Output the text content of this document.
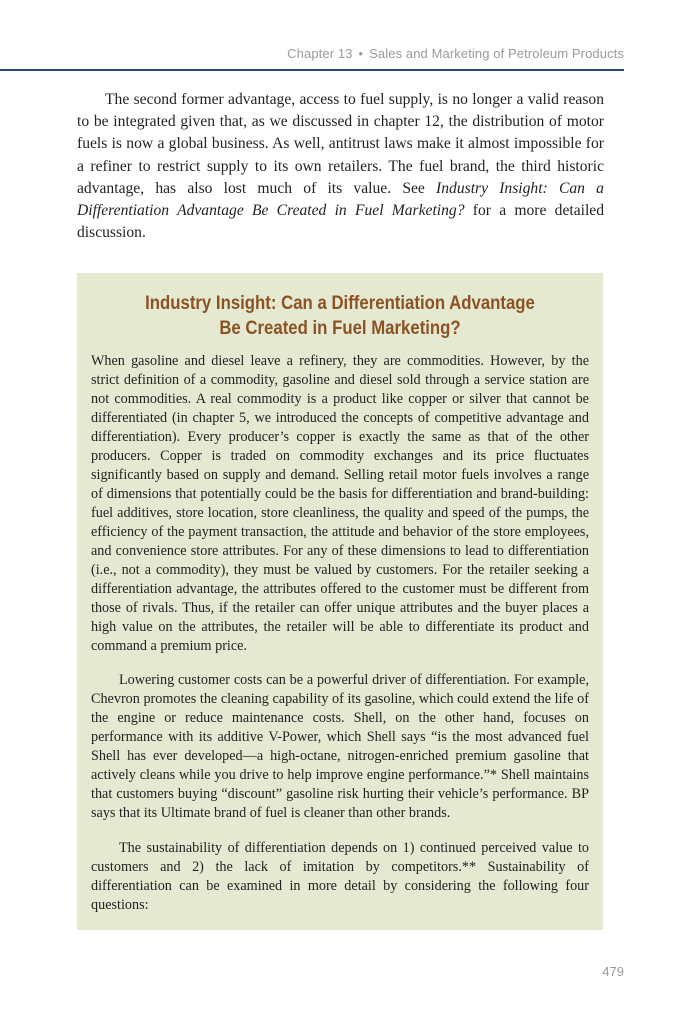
Chapter 13 • Sales and Marketing of Petroleum Products

The second former advantage, access to fuel supply, is no longer a valid reason to be integrated given that, as we discussed in chapter 12, the distribution of motor fuels is now a global business. As well, antitrust laws make it almost impossible for a refiner to restrict supply to its own retailers. The fuel brand, the third historic advantage, has also lost much of its value. See Industry Insight: Can a Differentiation Advantage Be Created in Fuel Marketing? for a more detailed discussion.

Industry Insight: Can a Differentiation Advantage
Be Created in Fuel Marketing?

When gasoline and diesel leave a refinery, they are commodities. However, by the strict definition of a commodity, gasoline and diesel sold through a service station are not commodities. A real commodity is a product like copper or silver that cannot be differentiated (in chapter 5, we introduced the concepts of competitive advantage and differentiation). Every producer’s copper is exactly the same as that of the other producers. Copper is traded on commodity exchanges and its price fluctuates significantly based on supply and demand. Selling retail motor fuels involves a range of dimensions that potentially could be the basis for differentiation and brand-building: fuel additives, store location, store cleanliness, the quality and speed of the pumps, the efficiency of the payment transaction, the attitude and behavior of the store employees, and convenience store attributes. For any of these dimensions to lead to differentiation (i.e., not a commodity), they must be valued by customers. For the retailer seeking a differentiation advantage, the attributes offered to the customer must be different from those of rivals. Thus, if the retailer can offer unique attributes and the buyer places a high value on the attributes, the retailer will be able to differentiate its product and command a premium price.

Lowering customer costs can be a powerful driver of differentiation. For example, Chevron promotes the cleaning capability of its gasoline, which could extend the life of the engine or reduce maintenance costs. Shell, on the other hand, focuses on performance with its additive V-Power, which Shell says “is the most advanced fuel Shell has ever developed—a high-octane, nitrogen-enriched premium gasoline that actively cleans while you drive to help improve engine performance.”* Shell maintains that customers buying “discount” gasoline risk hurting their vehicle’s performance. BP says that its Ultimate brand of fuel is cleaner than other brands.

The sustainability of differentiation depends on 1) continued perceived value to customers and 2) the lack of imitation by competitors.** Sustainability of differentiation can be examined in more detail by considering the following four questions:

479
